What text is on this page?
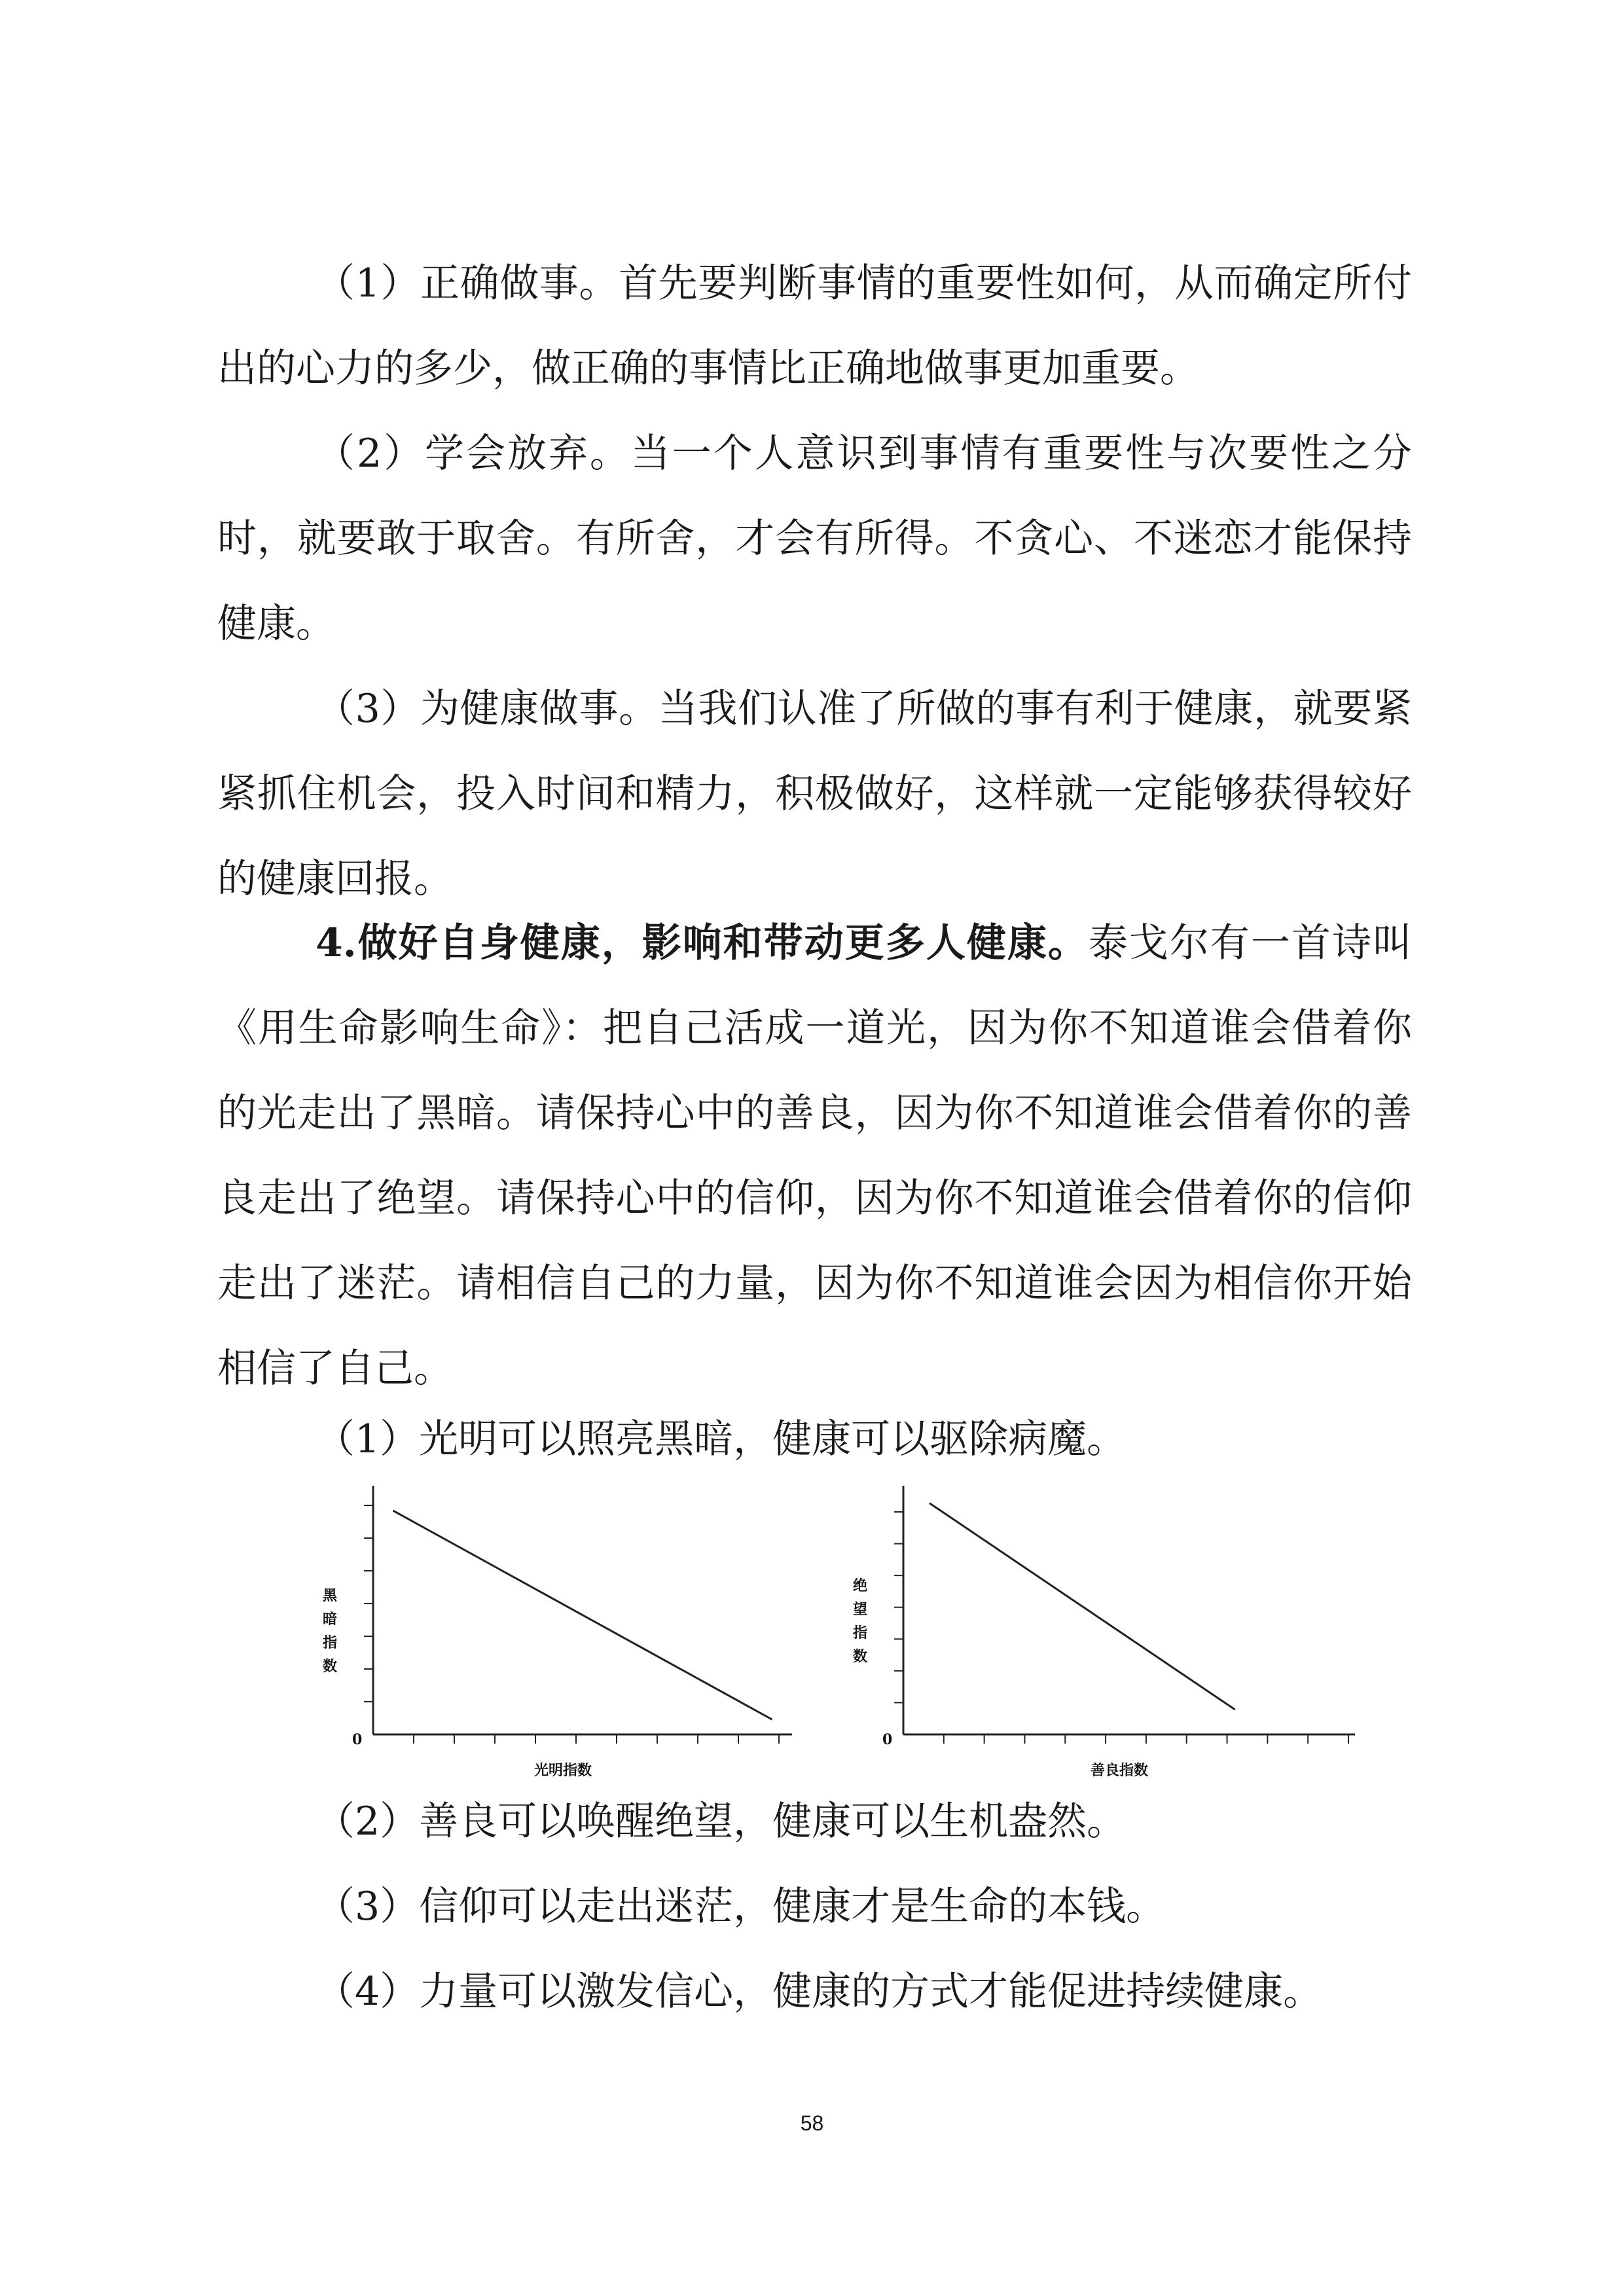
（1）正确做事。首先要判断事情的重要性如何，从而确定所付出的心力的多少，做正确的事情比正确地做事更加重要。

（2）学会放弃。当一个人意识到事情有重要性与次要性之分时，就要敢于取舍。有所舍，才会有所得。不贪心、不迷恋才能保持健康。

（3）为健康做事。当我们认准了所做的事有利于健康，就要紧紧抓住机会，投入时间和精力，积极做好，这样就一定能够获得较好的健康回报。

4.做好自身健康，影响和带动更多人健康。泰戈尔有一首诗叫《用生命影响生命》：把自己活成一道光，因为你不知道谁会借着你的光走出了黑暗。请保持心中的善良，因为你不知道谁会借着你的善良走出了绝望。请保持心中的信仰，因为你不知道谁会借着你的信仰走出了迷茫。请相信自己的力量，因为你不知道谁会因为相信你开始相信了自己。

（1）光明可以照亮黑暗，健康可以驱除病魔。
0
光明指数
黑暗指数
0
善良指数
绝望指数
（2）善良可以唤醒绝望，健康可以生机盎然。
（3）信仰可以走出迷茫，健康才是生命的本钱。
（4）力量可以激发信心，健康的方式才能促进持续健康。
58
